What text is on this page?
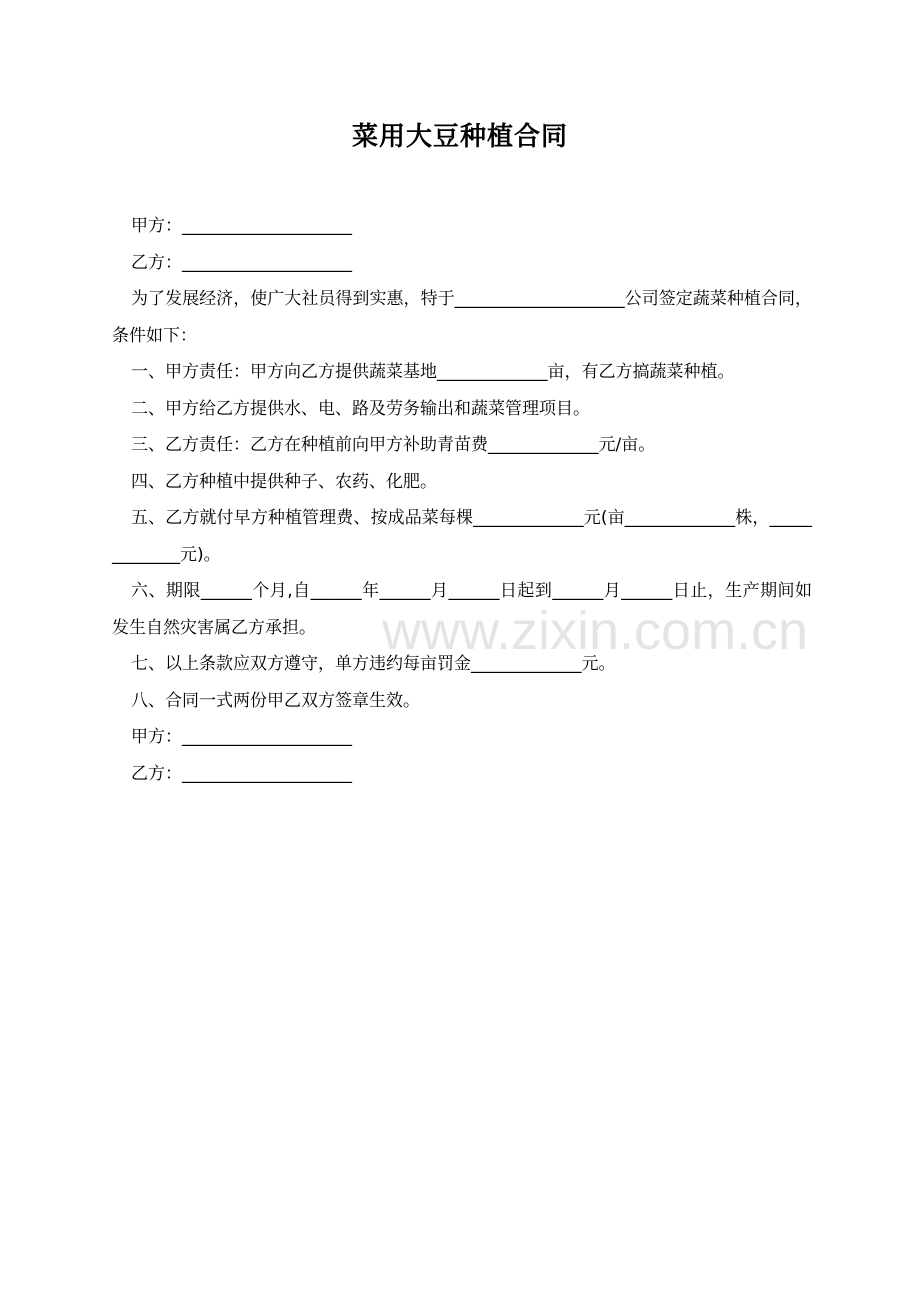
菜用大豆种植合同

甲方：____________________

乙方：____________________

为了发展经济，使广大社员得到实惠，特于____________________公司签定蔬菜种植合同，条件如下：

一、甲方责任：甲方向乙方提供蔬菜基地_____________亩，有乙方搞蔬菜种植。

二、甲方给乙方提供水、电、路及劳务输出和蔬菜管理项目。

三、乙方责任：乙方在种植前向甲方补助青苗费_____________元/亩。

四、乙方种植中提供种子、农药、化肥。

五、乙方就付早方种植管理费、按成品菜每棵_____________元(亩_____________株，_____________元)。

六、期限______个月,自______年______月______日起到______月______日止，生产期间如发生自然灾害属乙方承担。

七、以上条款应双方遵守，单方违约每亩罚金_____________元。

八、合同一式两份甲乙双方签章生效。

甲方：____________________

乙方：____________________

www.zixin.com.cn
